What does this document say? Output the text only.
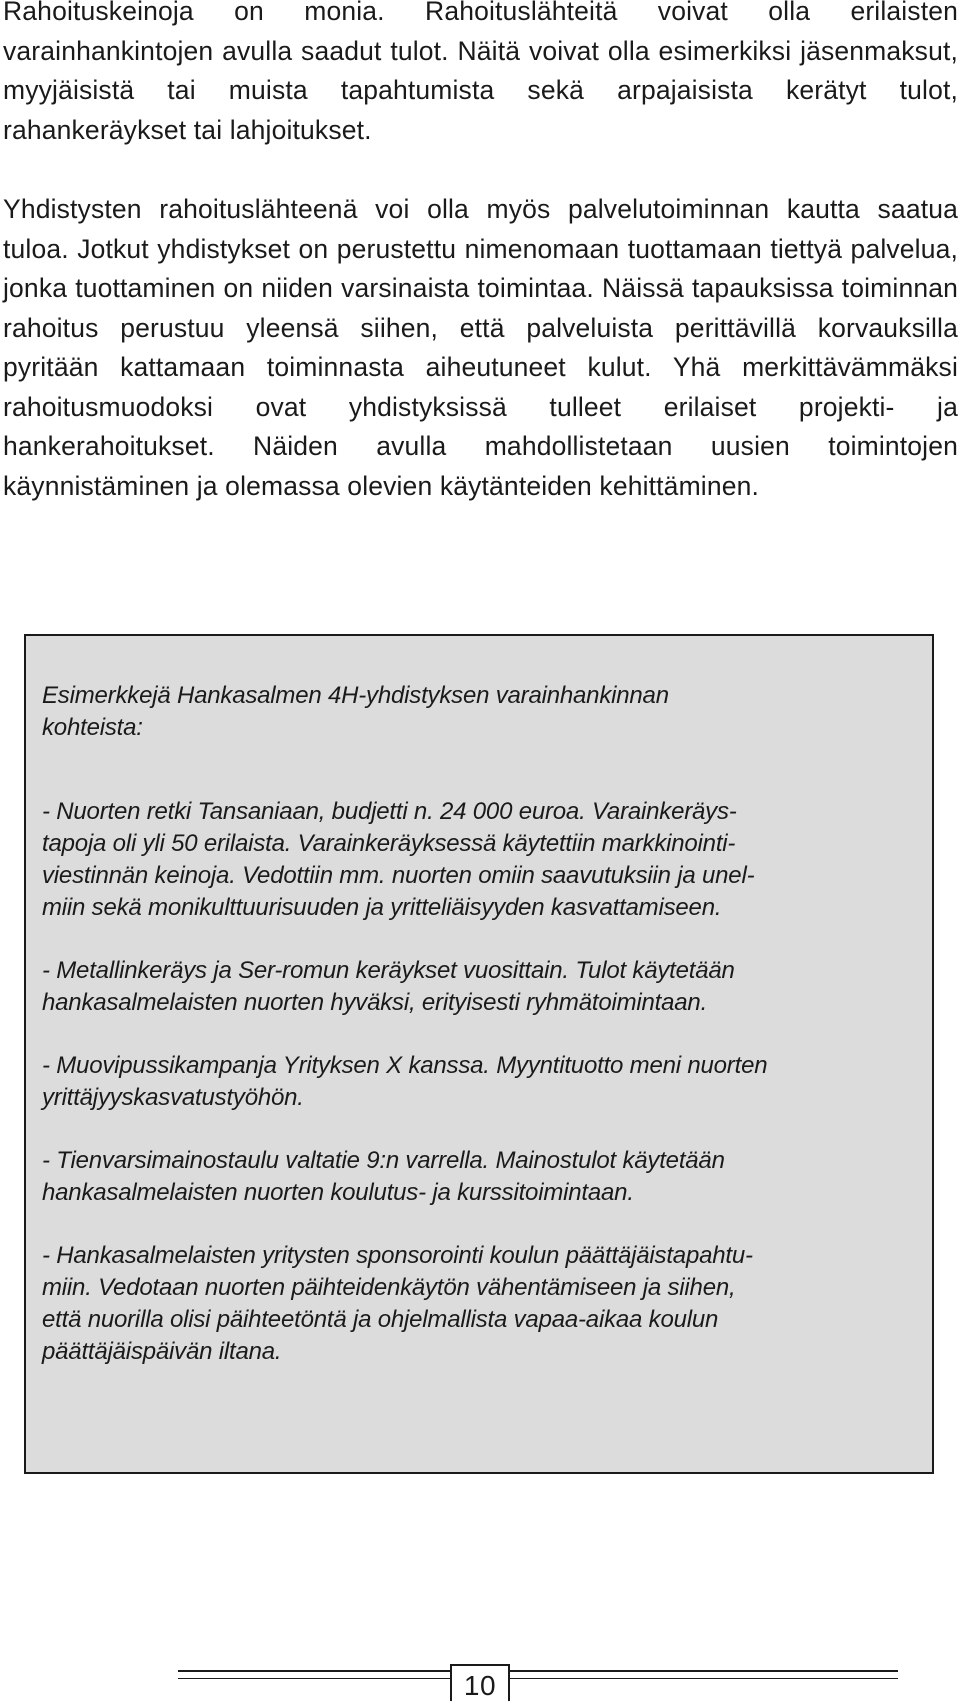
Rahoituskeinoja on monia. Rahoituslähteitä voivat olla erilaisten varainhankintojen avulla saadut tulot. Näitä voivat olla esimerkiksi jäsenmaksut, myyjäisistä tai muista tapahtumista sekä arpajaisista kerätyt tulot, rahankeräykset tai lahjoitukset.

Yhdistysten rahoituslähteenä voi olla myös palvelutoiminnan kautta saatua tuloa. Jotkut yhdistykset on perustettu nimenomaan tuottamaan tiettyä palvelua, jonka tuottaminen on niiden varsinaista toimintaa. Näissä tapauksissa toiminnan rahoitus perustuu yleensä siihen, että palveluista perittävillä korvauksilla pyritään kattamaan toiminnasta aiheutuneet kulut. Yhä merkittävämmäksi rahoitusmuodoksi ovat yhdistyksissä tulleet erilaiset projekti- ja hankerahoitukset. Näiden avulla mahdollistetaan uusien toimintojen käynnistäminen ja olemassa olevien käytänteiden kehittäminen.

Esimerkkejä Hankasalmen 4H-yhdistyksen varainhankinnan
kohteista:

- Nuorten retki Tansaniaan, budjetti n. 24 000 euroa. Varainkeräys-
tapoja oli yli 50 erilaista. Varainkeräyksessä käytettiin markkinointi-
viestinnän keinoja. Vedottiin mm. nuorten omiin saavutuksiin ja unel-
miin sekä monikulttuurisuuden ja yritteliäisyyden kasvattamiseen.

- Metallinkeräys ja Ser-romun keräykset vuosittain. Tulot käytetään
hankasalmelaisten nuorten hyväksi, erityisesti ryhmätoimintaan.

- Muovipussikampanja Yrityksen X kanssa. Myyntituotto meni nuorten
yrittäjyyskasvatustyöhön.

- Tienvarsimainostaulu valtatie 9:n varrella. Mainostulot käytetään
hankasalmelaisten nuorten koulutus- ja kurssitoimintaan.

- Hankasalmelaisten yritysten sponsorointi koulun päättäjäistapahtu-
miin. Vedotaan nuorten päihteidenkäytön vähentämiseen ja siihen,
että nuorilla olisi päihteetöntä ja ohjelmallista vapaa-aikaa koulun
päättäjäispäivän iltana.

10
